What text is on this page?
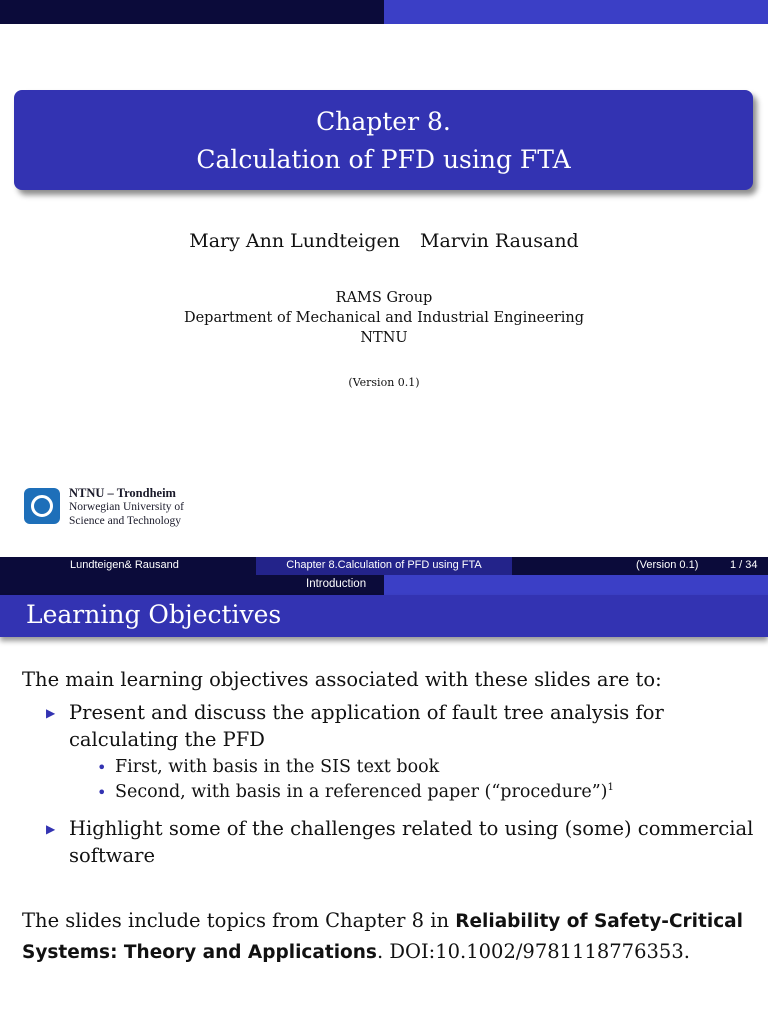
Chapter 8.
Calculation of PFD using FTA
Mary Ann Lundteigen Marvin Rausand
RAMS Group
Department of Mechanical and Industrial Engineering
NTNU
(Version 0.1)
NTNU – Trondheim
Norwegian University of
Science and Technology
Lundteigen& Rausand	Chapter 8.Calculation of PFD using FTA	(Version 0.1)	1 / 34
Introduction
Learning Objectives
The main learning objectives associated with these slides are to:
▶ Present and discuss the application of fault tree analysis for calculating the PFD
• First, with basis in the SIS text book
• Second, with basis in a referenced paper (“procedure”)$^1$
▶ Highlight some of the challenges related to using (some) commercial software
The slides include topics from Chapter 8 in Reliability of Safety-Critical Systems: Theory and Applications. DOI:10.1002/9781118776353.
